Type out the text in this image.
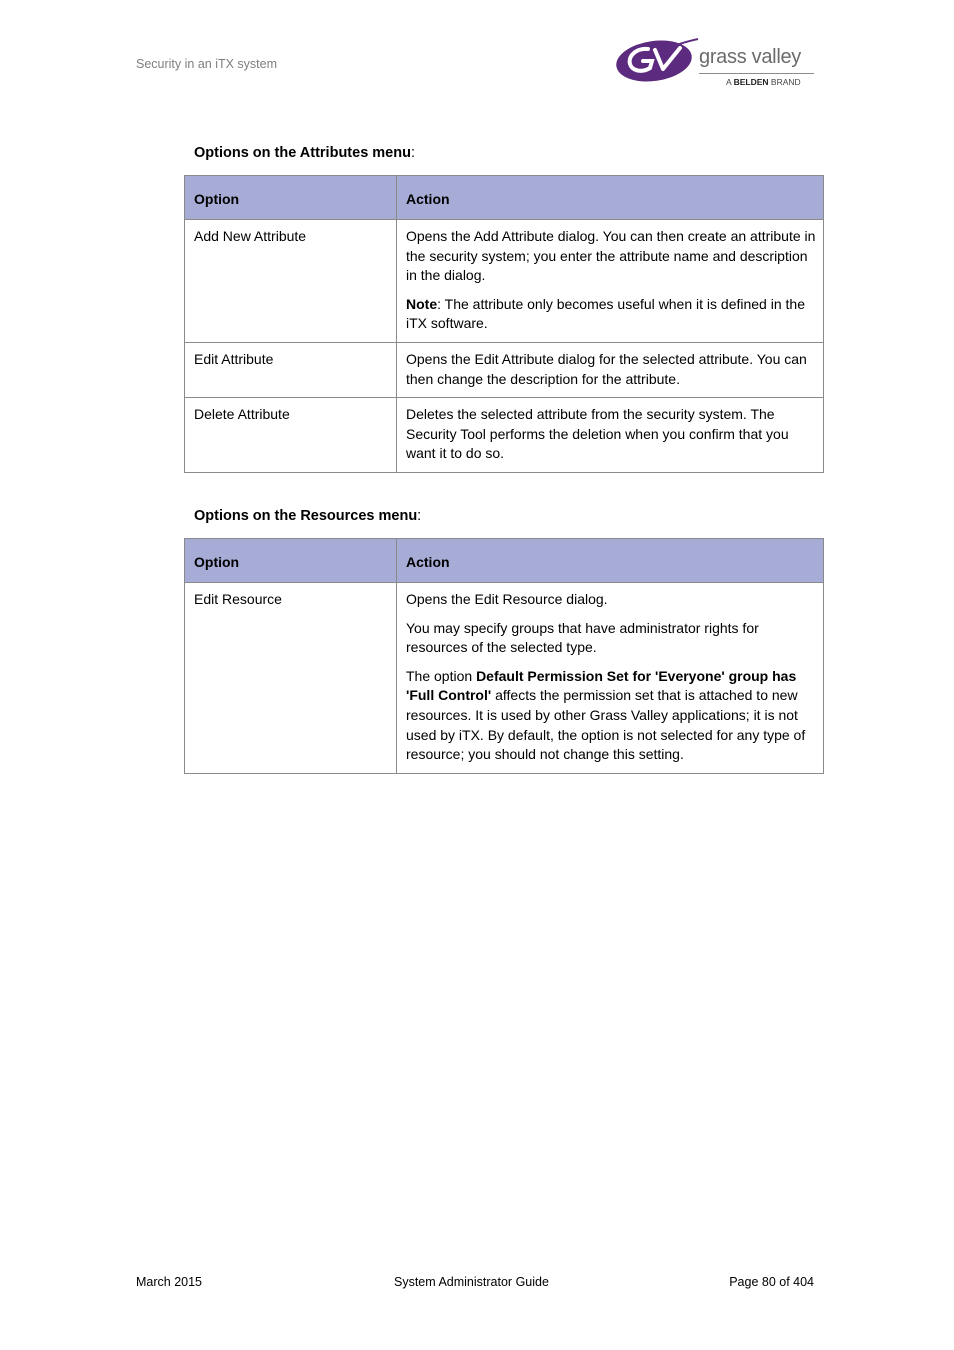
Security in an iTX system	grass valley
A BELDEN BRAND
Options on the Attributes menu:
Option	Action
Add New Attribute	Opens the Add Attribute dialog. You can then create an attribute in the security system; you enter the attribute name and description in the dialog.

Note: The attribute only becomes useful when it is defined in the iTX software.

Edit Attribute	Opens the Edit Attribute dialog for the selected attribute. You can then change the description for the attribute.

Delete Attribute	Deletes the selected attribute from the security system. The Security Tool performs the deletion when you confirm that you want it to do so.

Options on the Resources menu:
Option	Action
Edit Resource	Opens the Edit Resource dialog.

You may specify groups that have administrator rights for resources of the selected type.

The option Default Permission Set for 'Everyone' group has 'Full Control' affects the permission set that is attached to new resources. It is used by other Grass Valley applications; it is not used by iTX. By default, the option is not selected for any type of resource; you should not change this setting.

March 2015	System Administrator Guide	Page 80 of 404
